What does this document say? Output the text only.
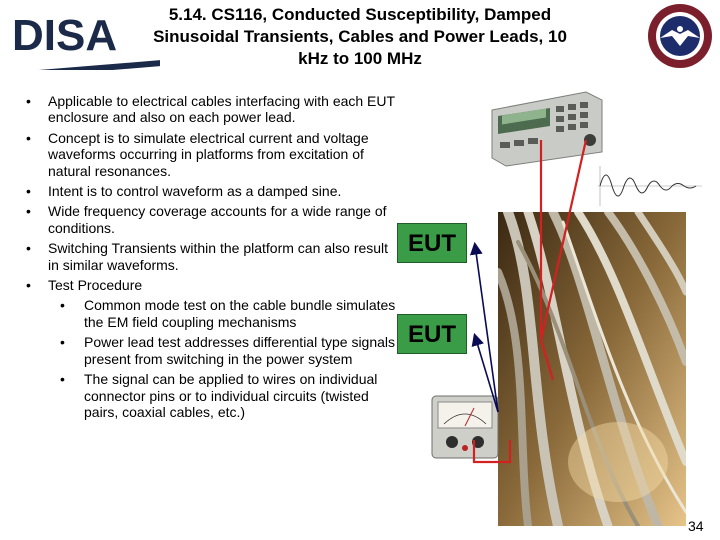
DISA	5.14. CS116, Conducted Susceptibility, Damped
Sinusoidal Transients, Cables and Power Leads, 10
kHz to 100 MHz
• Applicable to electrical cables interfacing with each EUT enclosure and also on each power lead.
• Concept is to simulate electrical current and voltage waveforms occurring in platforms from excitation of natural resonances.
• Intent is to control waveform as a damped sine.
• Wide frequency coverage accounts for a wide range of conditions.
• Switching Transients within the platform can also result in similar waveforms.
• Test Procedure
• Common mode test on the cable bundle simulates the EM field coupling mechanisms
• Power lead test addresses differential type signals present from switching in the power system
• The signal can be applied to wires on individual connector pins or to individual circuits (twisted pairs, coaxial cables, etc.)
EUT
EUT
34
